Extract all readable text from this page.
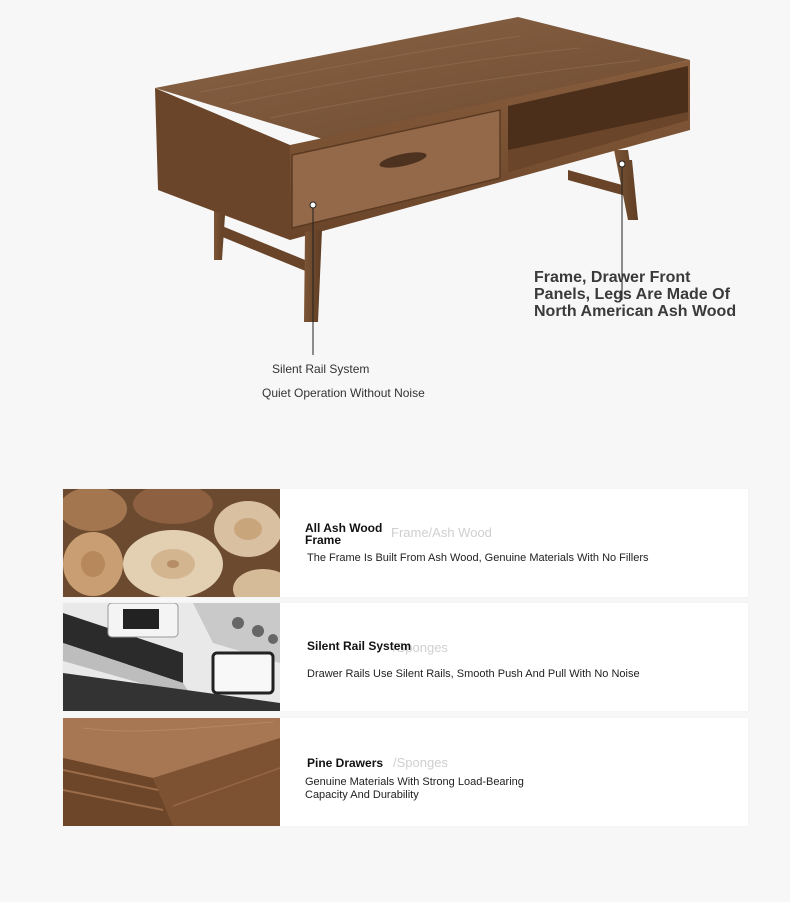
Frame, Drawer Front
Panels, Legs Are Made Of
North American Ash Wood
Silent Rail System
Quiet Operation Without Noise
Frame/Ash Wood
All Ash Wood
Frame
The Frame Is Built From Ash Wood, Genuine Materials With No Fillers
/Sponges
Silent Rail System
Drawer Rails Use Silent Rails, Smooth Push And Pull With No Noise
/Sponges
Pine Drawers
Genuine Materials With Strong Load-Bearing
Capacity And Durability
